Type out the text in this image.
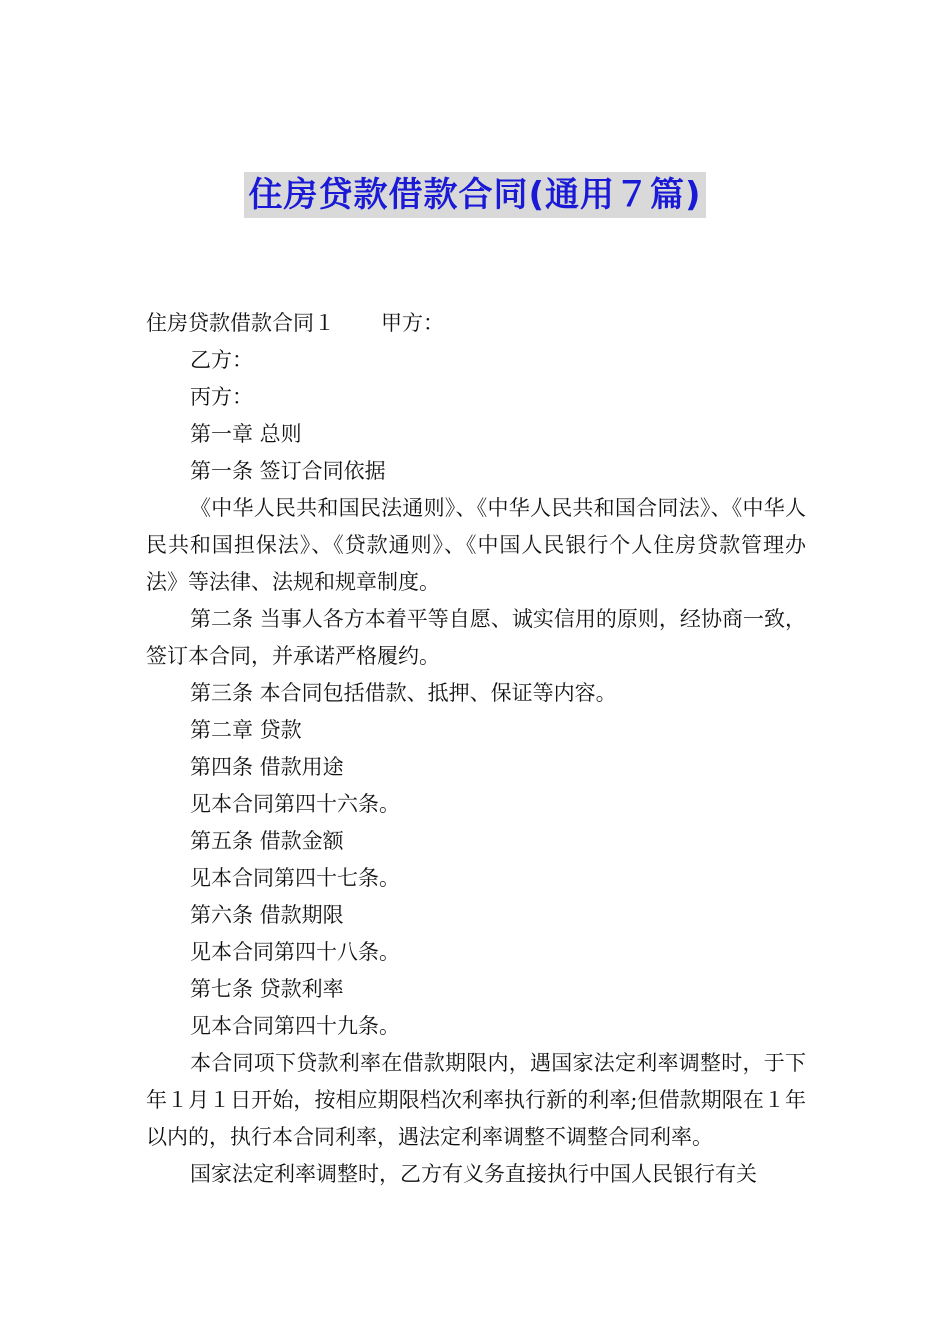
住房贷款借款合同(通用７篇)

住房贷款借款合同１ 甲方：

乙方：

丙方：

第一章 总则

第一条 签订合同依据

《中华人民共和国民法通则》、《中华人民共和国合同法》、《中华人民共和国担保法》、《贷款通则》、《中国人民银行个人住房贷款管理办法》等法律、法规和规章制度。

第二条 当事人各方本着平等自愿、诚实信用的原则，经协商一致，签订本合同，并承诺严格履约。

第三条 本合同包括借款、抵押、保证等内容。

第二章 贷款

第四条 借款用途

见本合同第四十六条。

第五条 借款金额

见本合同第四十七条。

第六条 借款期限

见本合同第四十八条。

第七条 贷款利率

见本合同第四十九条。

本合同项下贷款利率在借款期限内，遇国家法定利率调整时，于下年１月１日开始，按相应期限档次利率执行新的利率;但借款期限在１年以内的，执行本合同利率，遇法定利率调整不调整合同利率。

国家法定利率调整时，乙方有义务直接执行中国人民银行有关
